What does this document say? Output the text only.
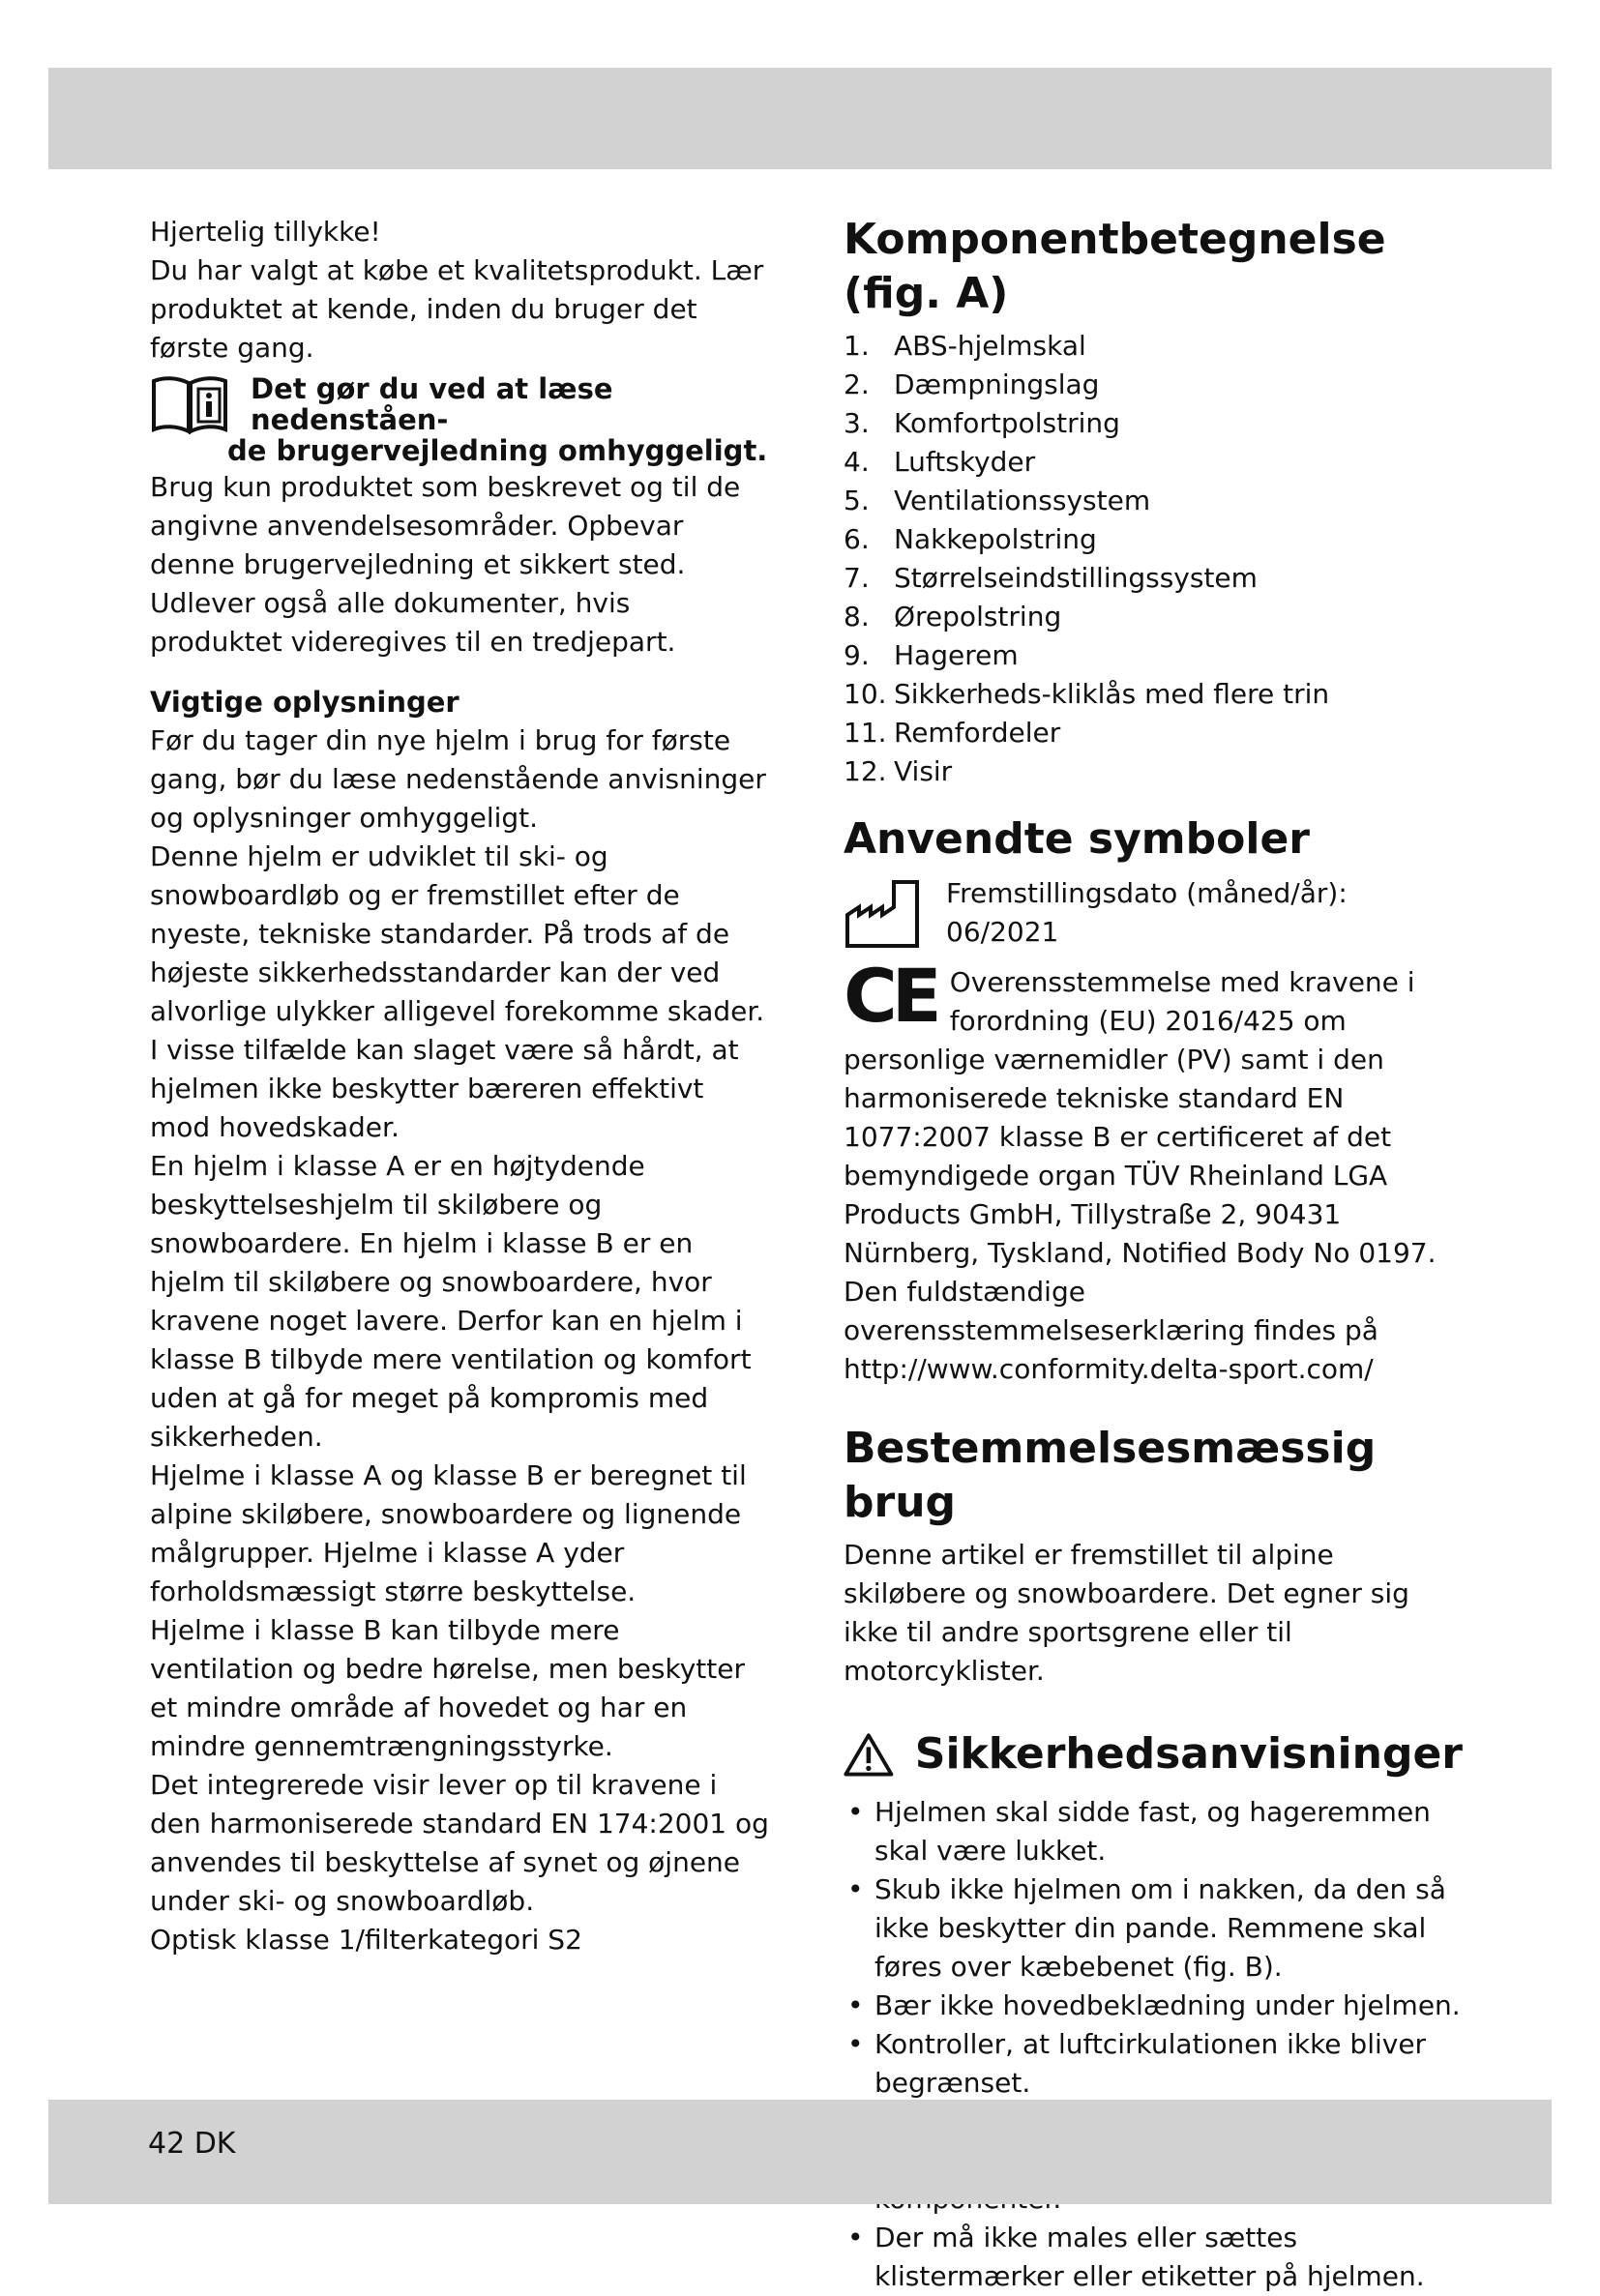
Hjertelig tillykke!

Du har valgt at købe et kvalitetsprodukt. Lær produktet at kende, inden du bruger det første gang.

Det gør du ved at læse nedenståen-
de brugervejledning omhyggeligt.

Brug kun produktet som beskrevet og til de angivne anvendelsesområder. Opbevar denne brugervejledning et sikkert sted. Udlever også alle dokumenter, hvis produktet videregives til en tredjepart.

Vigtige oplysninger

Før du tager din nye hjelm i brug for første gang, bør du læse nedenstående anvisninger og oplysninger omhyggeligt.

Denne hjelm er udviklet til ski- og snowboardløb og er fremstillet efter de nyeste, tekniske standarder. På trods af de højeste sikkerhedsstandarder kan der ved alvorlige ulykker alligevel forekomme skader. I visse tilfælde kan slaget være så hårdt, at hjelmen ikke beskytter bæreren effektivt mod hovedskader.

En hjelm i klasse A er en højtydende beskyttelseshjelm til skiløbere og snowboardere. En hjelm i klasse B er en hjelm til skiløbere og snowboardere, hvor kravene noget lavere. Derfor kan en hjelm i klasse B tilbyde mere ventilation og komfort uden at gå for meget på kompromis med sikkerheden.

Hjelme i klasse A og klasse B er beregnet til alpine skiløbere, snowboardere og lignende målgrupper. Hjelme i klasse A yder forholdsmæssigt større beskyttelse.

Hjelme i klasse B kan tilbyde mere ventilation og bedre hørelse, men beskytter et mindre område af hovedet og har en mindre gennemtrængningsstyrke.

Det integrerede visir lever op til kravene i den harmoniserede standard EN 174:2001 og anvendes til beskyttelse af synet og øjnene under ski- og snowboardløb.

Optisk klasse 1/filterkategori S2

Komponentbetegnelse (fig. A)
1. ABS-hjelmskal
2. Dæmpningslag
3. Komfortpolstring
4. Luftskyder
5. Ventilationssystem
6. Nakkepolstring
7. Størrelseindstillingssystem
8. Ørepolstring
9. Hagerem
10. Sikkerheds-kliklås med flere trin
11. Remfordeler
12. Visir
Anvendte symboler

Fremstillingsdato (måned/år):

06/2021

CE Overensstemmelse med kravene i forordning (EU) 2016/425 om personlige værnemidler (PV) samt i den harmoniserede tekniske standard EN 1077:2007 klasse B er certificeret af det bemyndigede organ TÜV Rheinland LGA Products GmbH, Tillystraße 2, 90431 Nürnberg, Tyskland, Notified Body No 0197. Den fuldstændige overensstemmelseserklæring findes på http://www.conformity.delta-sport.com/

Bestemmelsesmæssig brug

Denne artikel er fremstillet til alpine skiløbere og snowboardere. Det egner sig ikke til andre sportsgrene eller til motorcyklister.

Sikkerhedsanvisninger
• Hjelmen skal sidde fast, og hageremmen skal være lukket.
• Skub ikke hjelmen om i nakken, da den så ikke beskytter din pande. Remmene skal føres over kæbebenet (fig. B).
• Bær ikke hovedbeklædning under hjelmen.
• Kontroller, at luftcirkulationen ikke bliver begrænset.
• Der må ikke males eller sættes klistermærker eller etiketter på hjelmen.
42 DK
